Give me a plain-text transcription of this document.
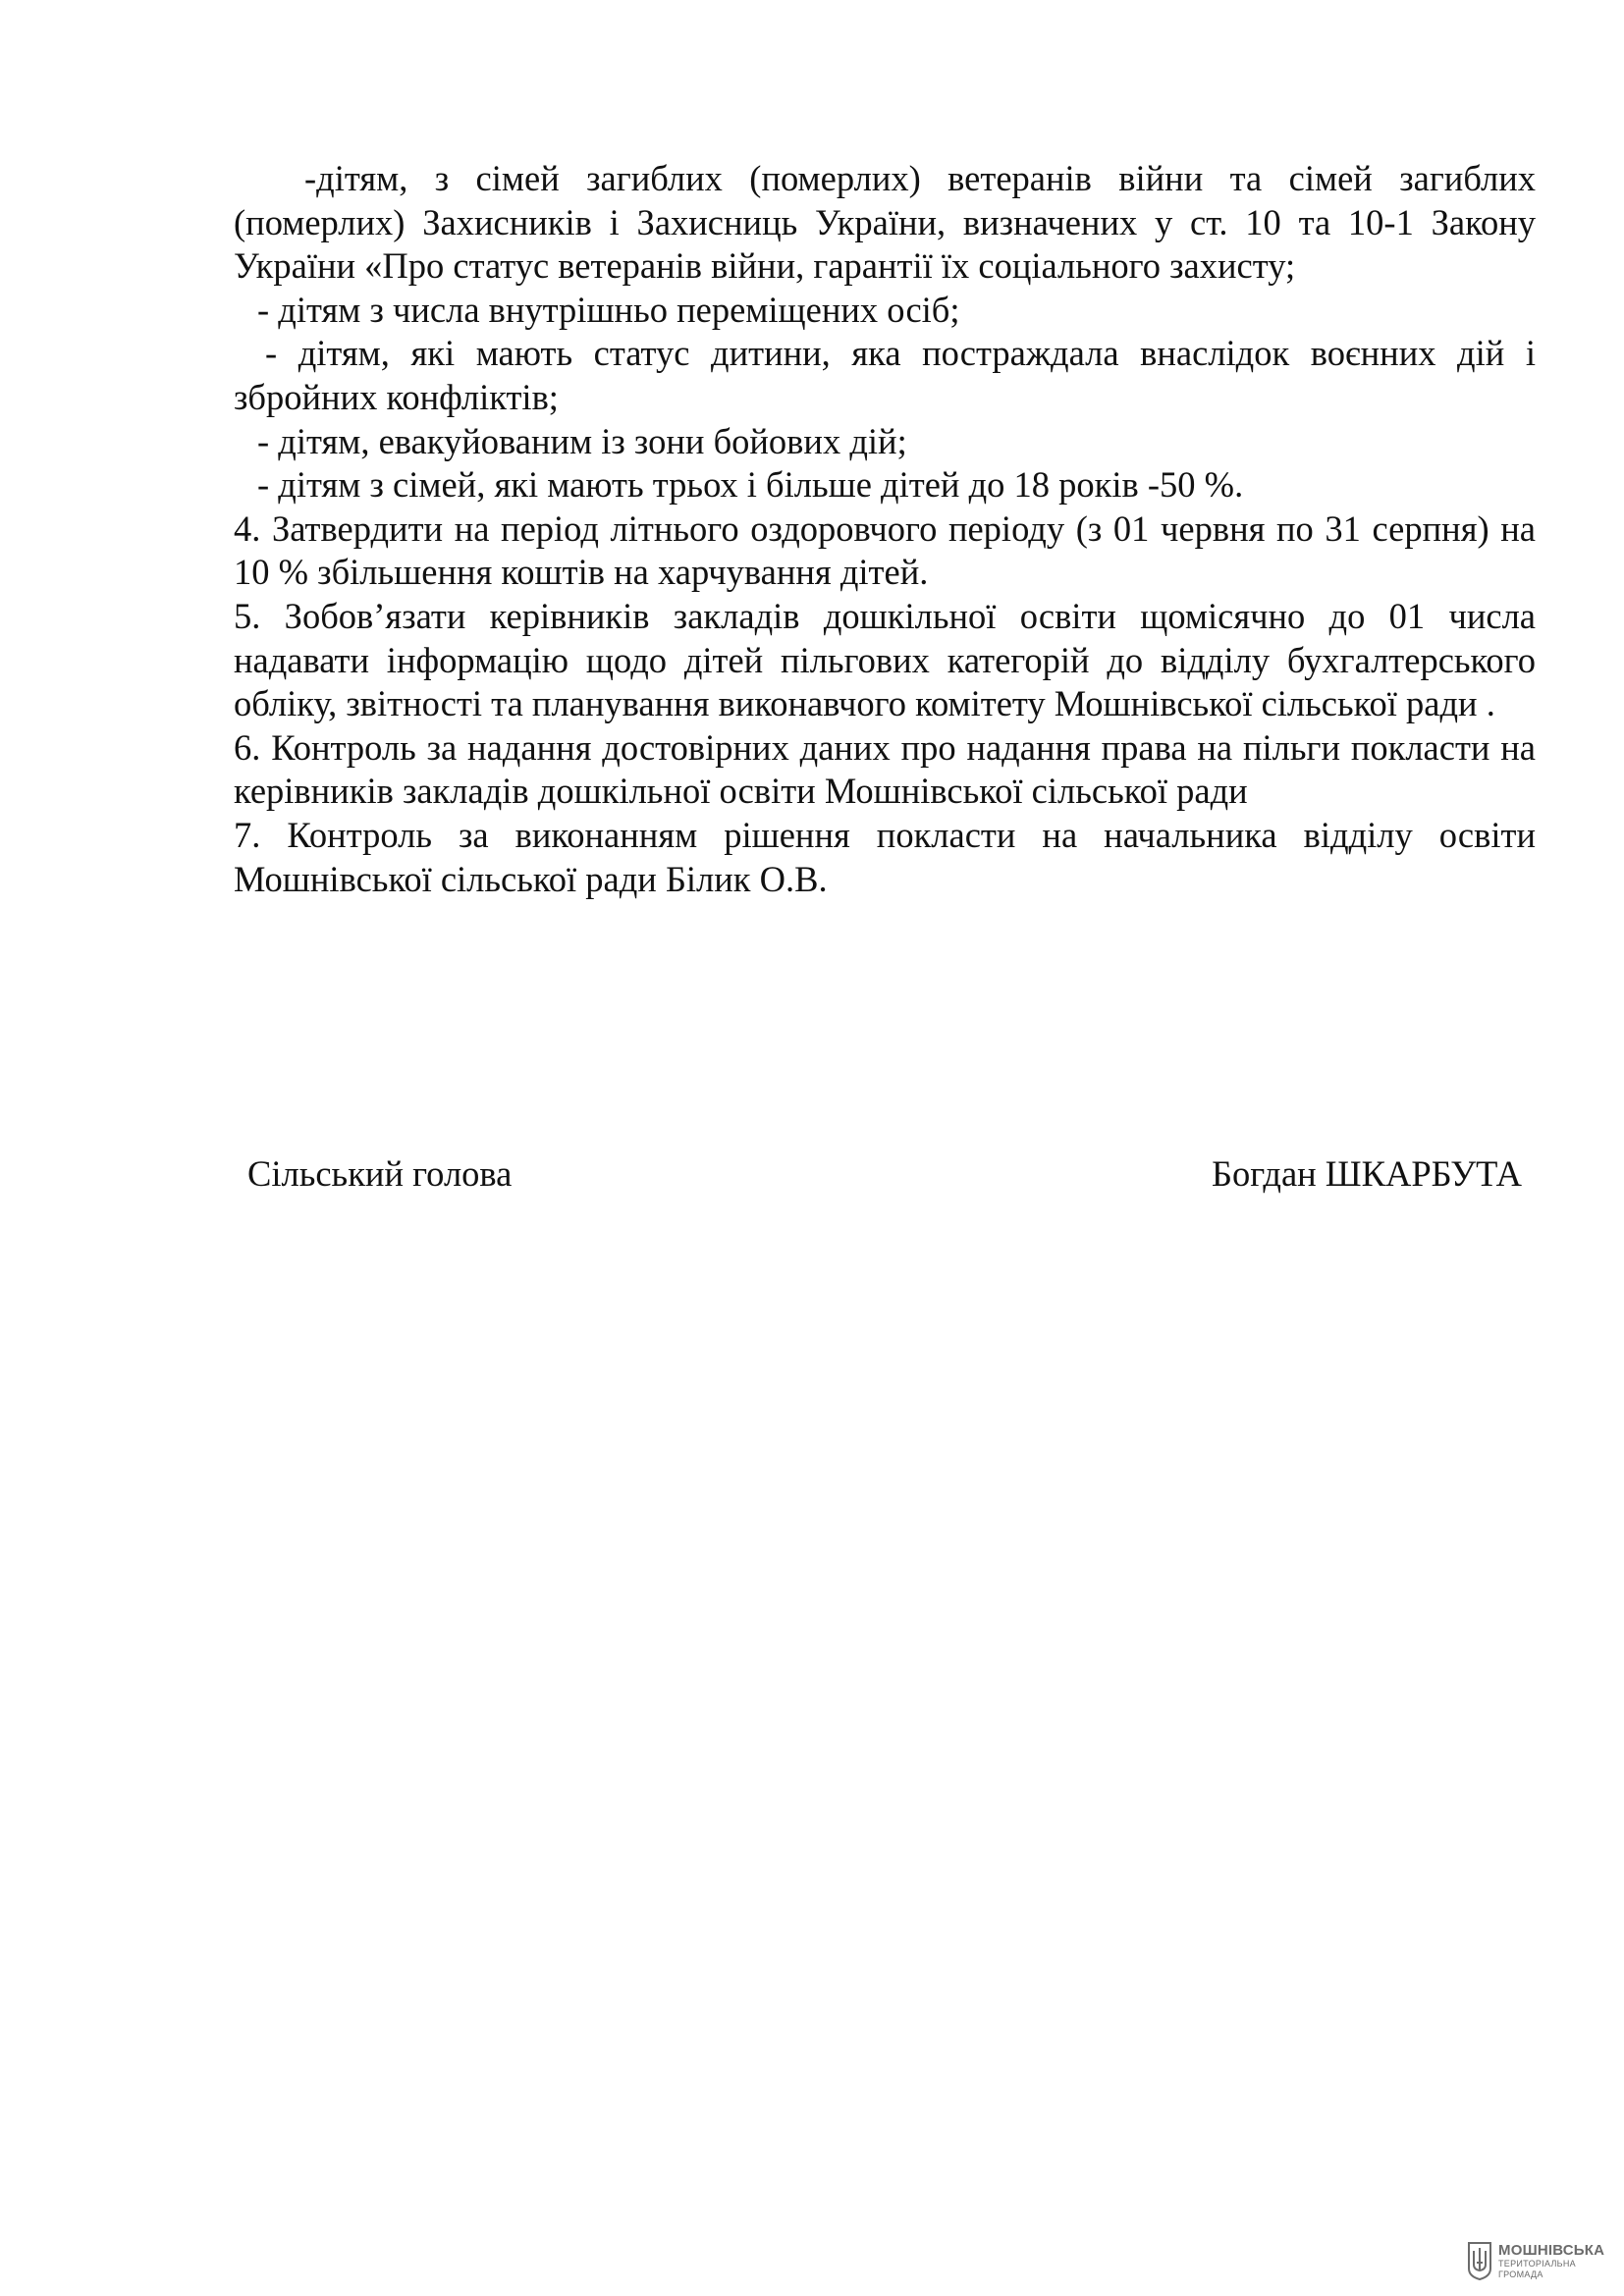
-дітям, з сімей загиблих (померлих) ветеранів війни та сімей загиблих (померлих) Захисників і Захисниць України, визначених у ст. 10 та 10-1 Закону України «Про статус ветеранів війни, гарантії їх соціального захисту;

- дітям з числа внутрішньо переміщених осіб;

- дітям, які мають статус дитини, яка постраждала внаслідок воєнних дій і збройних конфліктів;

- дітям, евакуйованим із зони бойових дій;

- дітям з сімей, які мають трьох і більше дітей до 18 років -50 %.

4. Затвердити на період літнього оздоровчого періоду (з 01 червня по 31 серпня) на 10 % збільшення коштів на харчування дітей.

5. Зобов’язати керівників закладів дошкільної освіти щомісячно до 01 числа надавати інформацію щодо дітей пільгових категорій до відділу бухгалтерського обліку, звітності та планування виконавчого комітету Мошнівської сільської ради .

6. Контроль за надання достовірних даних про надання права на пільги покласти на керівників закладів дошкільної освіти Мошнівської сільської ради

7. Контроль за виконанням рішення покласти на начальника відділу освіти Мошнівської сільської ради Білик О.В.

Сільський голова	Богдан ШКАРБУТА
МОШНІВСЬКА
ТЕРИТОРІАЛЬНА
ГРОМАДА
